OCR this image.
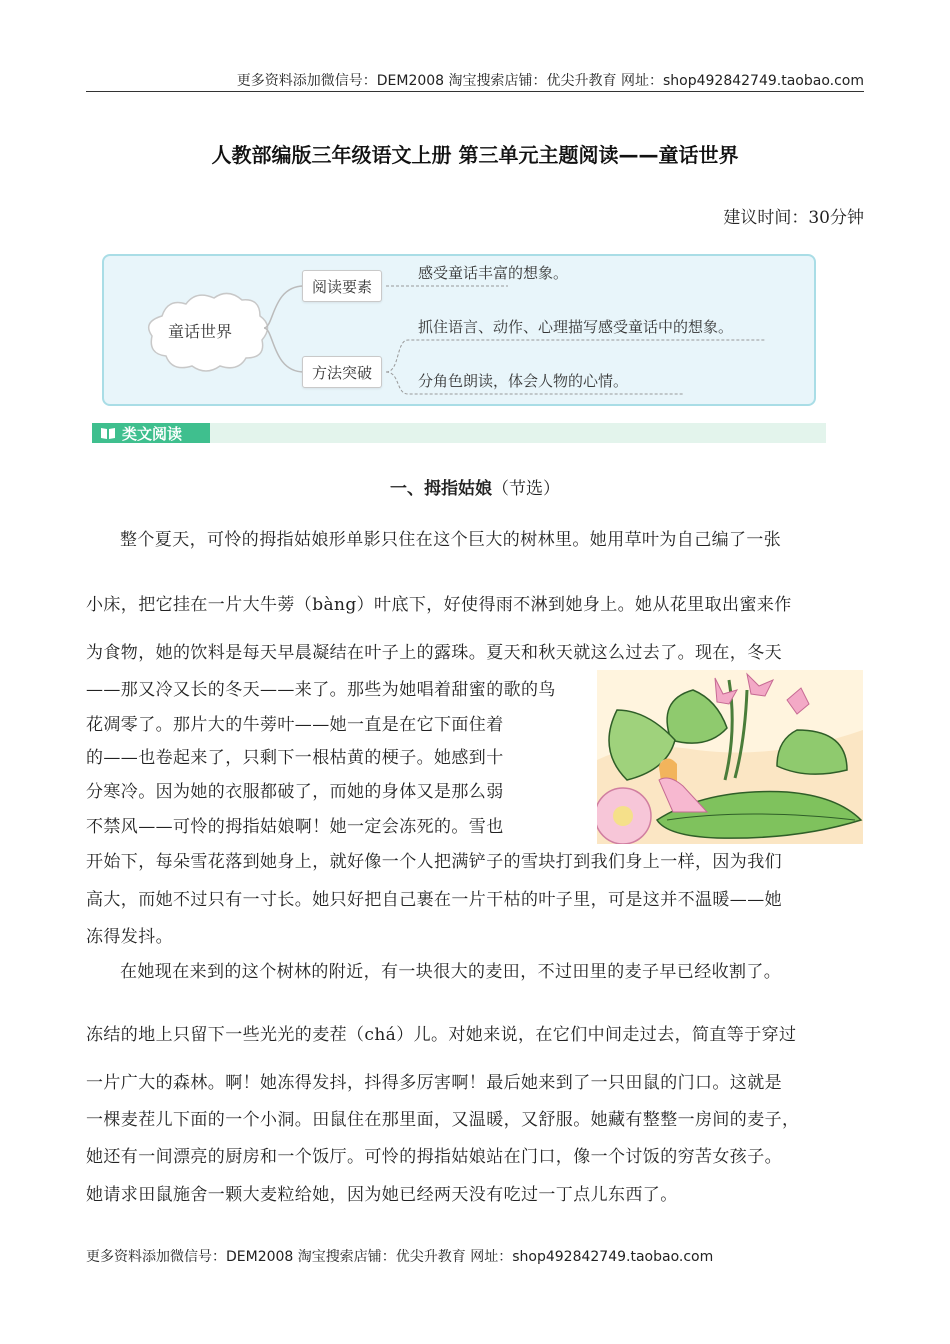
更多资料添加微信号：DEM2008 淘宝搜索店铺：优尖升教育 网址：shop492842749.taobao.com
人教部编版三年级语文上册 第三单元主题阅读——童话世界
建议时间：30分钟
童话世界
阅读要素
方法突破
感受童话丰富的想象。
抓住语言、动作、心理描写感受童话中的想象。
分角色朗读，体会人物的心情。
类文阅读
一、拇指姑娘（节选）
整个夏天，可怜的拇指姑娘形单影只住在这个巨大的树林里。她用草叶为自己编了一张
小床，把它挂在一片大牛蒡（bàng）叶底下，好使得雨不淋到她身上。她从花里取出蜜来作
为食物，她的饮料是每天早晨凝结在叶子上的露珠。夏天和秋天就这么过去了。现在，冬天
——那又冷又长的冬天——来了。那些为她唱着甜蜜的歌的鸟
花凋零了。那片大的牛蒡叶——她一直是在它下面住着
的——也卷起来了，只剩下一根枯黄的梗子。她感到十
分寒冷。因为她的衣服都破了，而她的身体又是那么弱
不禁风——可怜的拇指姑娘啊！她一定会冻死的。雪也
开始下，每朵雪花落到她身上，就好像一个人把满铲子的雪块打到我们身上一样，因为我们
高大，而她不过只有一寸长。她只好把自己裹在一片干枯的叶子里，可是这并不温暖——她
冻得发抖。
在她现在来到的这个树林的附近，有一块很大的麦田，不过田里的麦子早已经收割了。
冻结的地上只留下一些光光的麦茬（chá）儿。对她来说，在它们中间走过去，简直等于穿过
一片广大的森林。啊！她冻得发抖，抖得多厉害啊！最后她来到了一只田鼠的门口。这就是
一棵麦茬儿下面的一个小洞。田鼠住在那里面，又温暖，又舒服。她藏有整整一房间的麦子，
她还有一间漂亮的厨房和一个饭厅。可怜的拇指姑娘站在门口，像一个讨饭的穷苦女孩子。
她请求田鼠施舍一颗大麦粒给她，因为她已经两天没有吃过一丁点儿东西了。
更多资料添加微信号：DEM2008 淘宝搜索店铺：优尖升教育 网址：shop492842749.taobao.com
